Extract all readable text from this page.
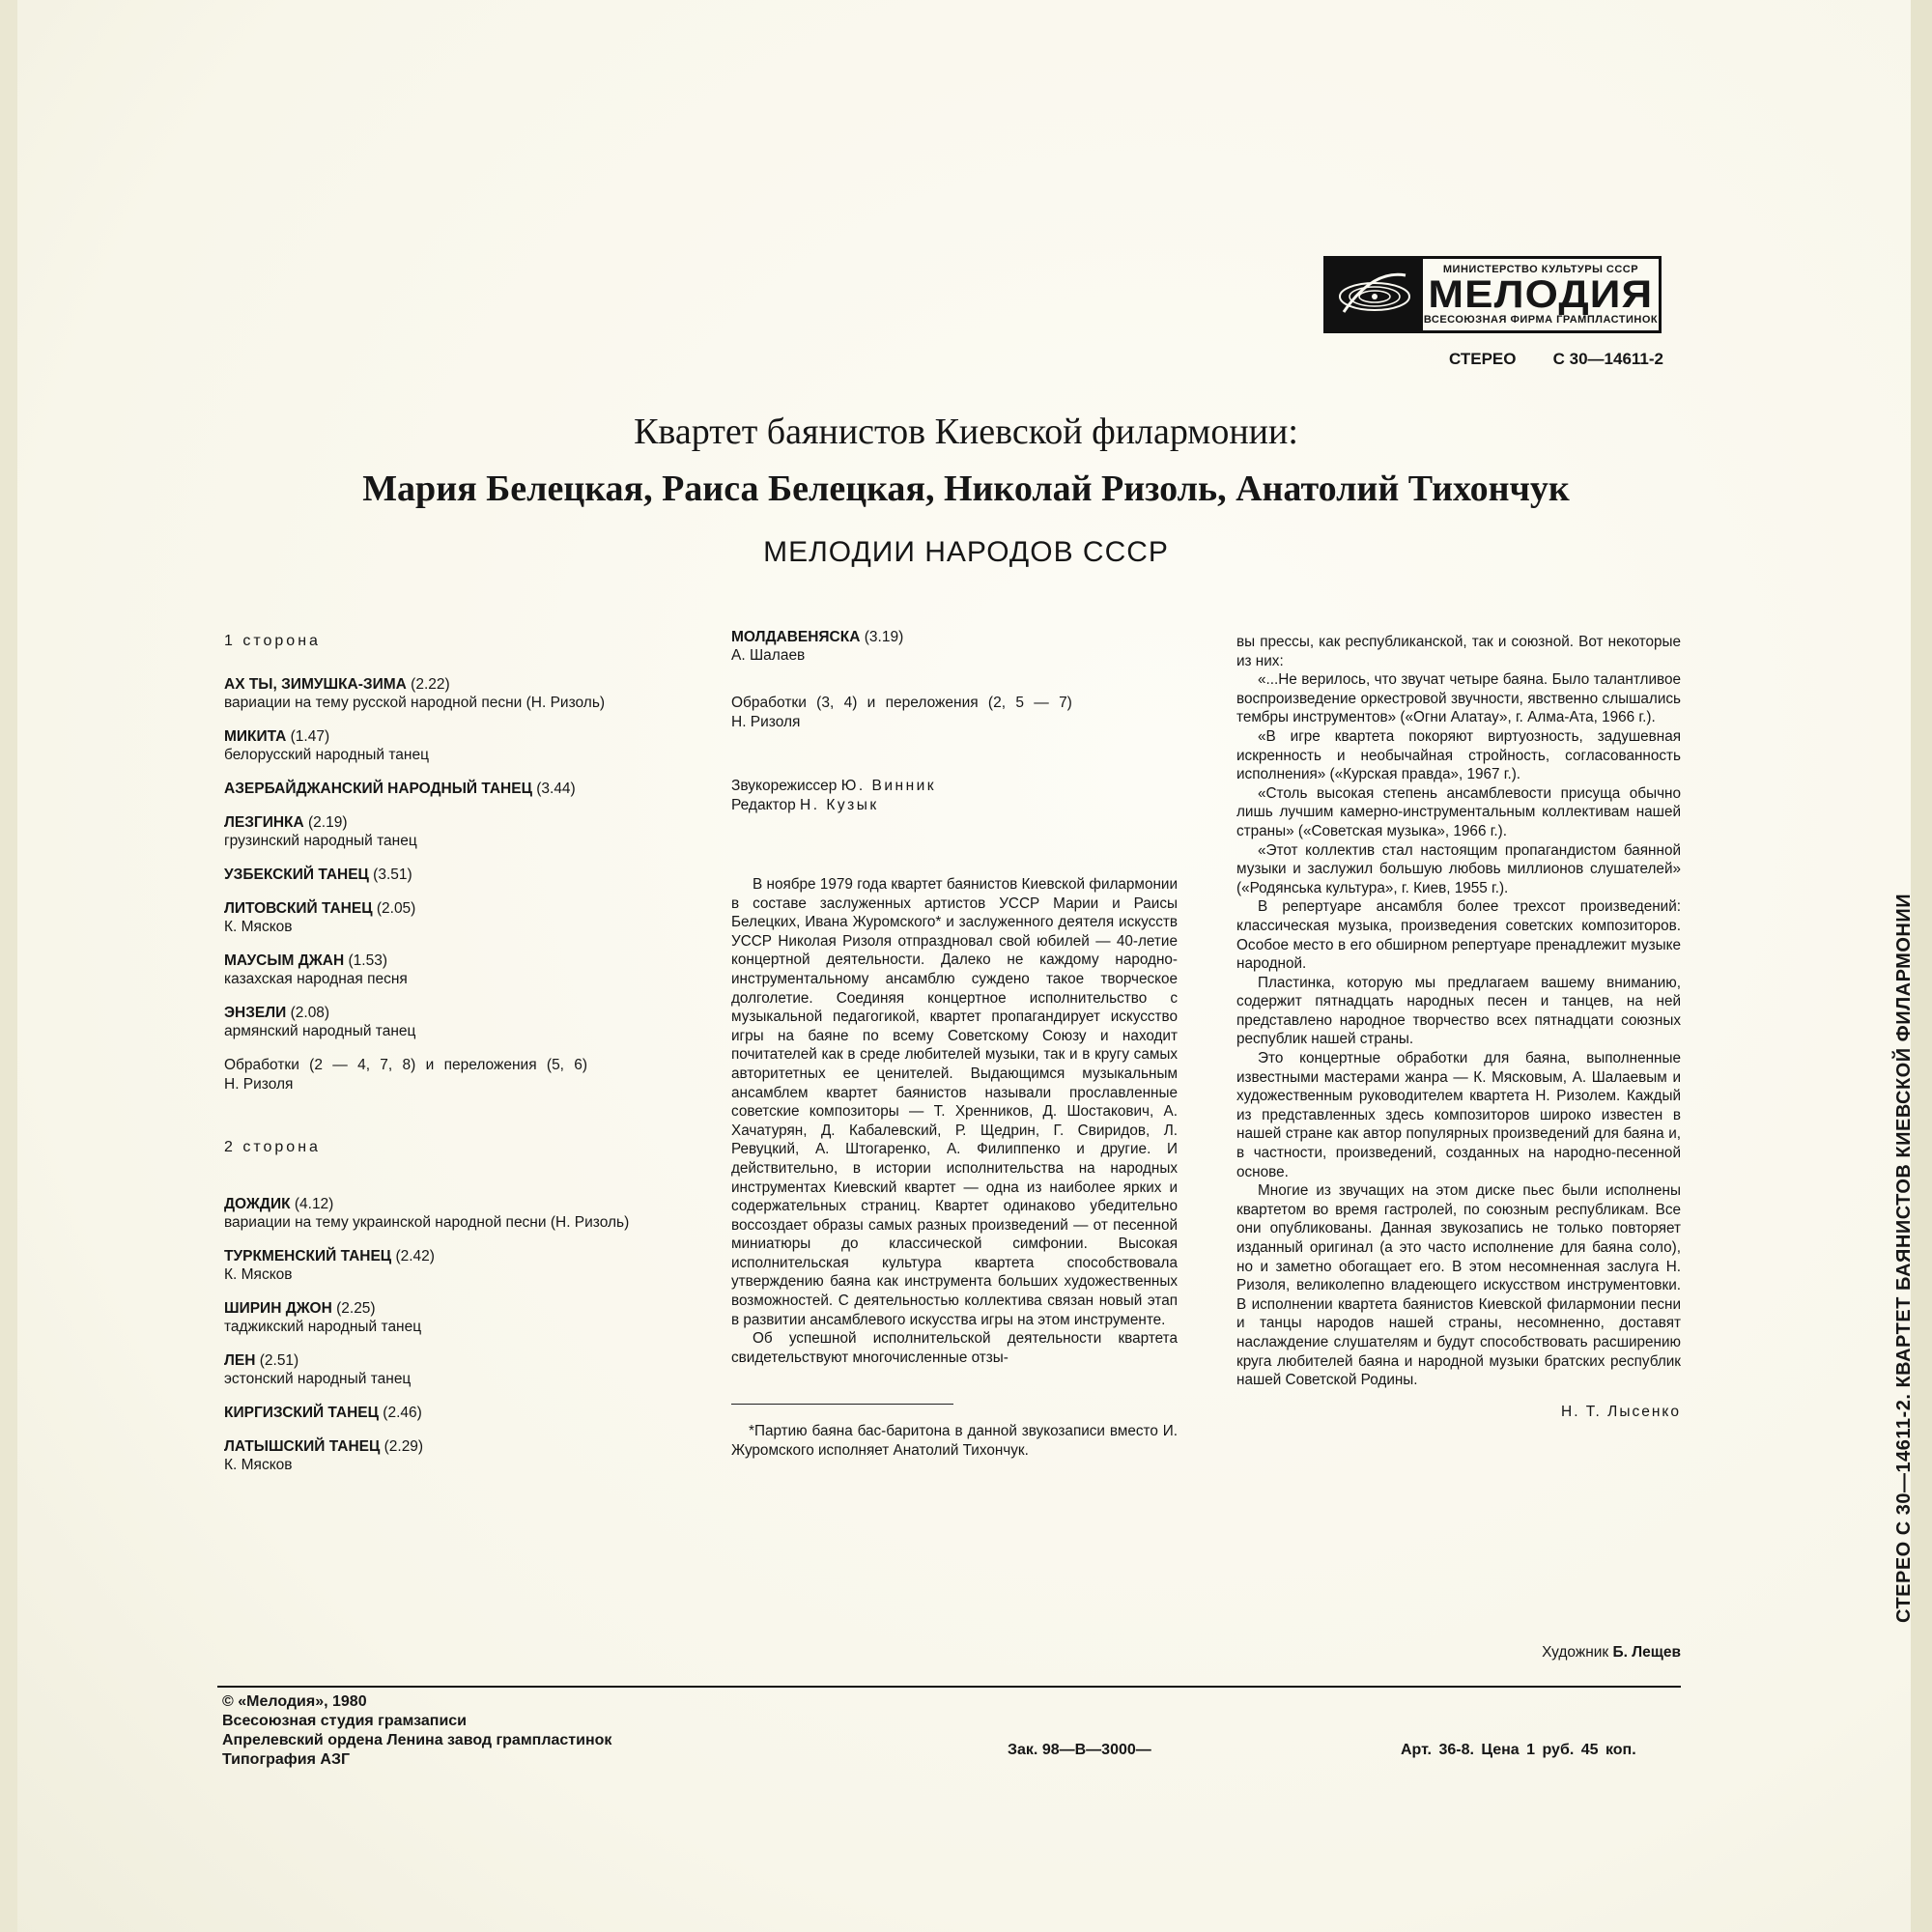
МИНИСТЕРСТВО КУЛЬТУРЫ СССР
МЕЛОДИЯ
ВСЕСОЮЗНАЯ ФИРМА ГРАМПЛАСТИНОК
СТЕРЕО С 30—14611-2
Квартет баянистов Киевской филармонии:
Мария Белецкая, Раиса Белецкая, Николай Ризоль, Анатолий Тихончук
МЕЛОДИИ НАРОДОВ СССР
1 сторона
АХ ТЫ, ЗИМУШКА-ЗИМА (2.22)
вариации на тему русской народной песни (Н. Ризоль)
МИКИТА (1.47)
белорусский народный танец
АЗЕРБАЙДЖАНСКИЙ НАРОДНЫЙ ТАНЕЦ (3.44)
ЛЕЗГИНКА (2.19)
грузинский народный танец
УЗБЕКСКИЙ ТАНЕЦ (3.51)
ЛИТОВСКИЙ ТАНЕЦ (2.05)
К. Мясков
МАУСЫМ ДЖАН (1.53)
казахская народная песня
ЭНЗЕЛИ (2.08)
армянский народный танец
Обработки (2 — 4, 7, 8) и переложения (5, 6)
Н. Ризоля
2 сторона
ДОЖДИК (4.12)
вариации на тему украинской народной песни (Н. Ризоль)
ТУРКМЕНСКИЙ ТАНЕЦ (2.42)
К. Мясков
ШИРИН ДЖОН (2.25)
таджикский народный танец
ЛЕН (2.51)
эстонский народный танец
КИРГИЗСКИЙ ТАНЕЦ (2.46)
ЛАТЫШСКИЙ ТАНЕЦ (2.29)
К. Мясков
МОЛДАВЕНЯСКА (3.19)
А. Шалаев
Обработки (3, 4) и переложения (2, 5 — 7)
Н. Ризоля
Звукорежиссер Ю. Винник
Редактор Н. Кузык

В ноябре 1979 года квартет баянистов Киевской филармонии в составе заслуженных артистов УССР Марии и Раисы Белецких, Ивана Журомского* и заслуженного деятеля искусств УССР Николая Ризоля отпраздновал свой юбилей — 40-летие концертной деятельности. Далеко не каждому народно-инструментальному ансамблю суждено такое творческое долголетие. Соединяя концертное исполнительство с музыкальной педагогикой, квартет пропагандирует искусство игры на баяне по всему Советскому Союзу и находит почитателей как в среде любителей музыки, так и в кругу самых авторитетных ее ценителей. Выдающимся музыкальным ансамблем квартет баянистов называли прославленные советские композиторы — Т. Хренников, Д. Шостакович, А. Хачатурян, Д. Кабалевский, Р. Щедрин, Г. Свиридов, Л. Ревуцкий, А. Штогаренко, А. Филиппенко и другие. И действительно, в истории исполнительства на народных инструментах Киевский квартет — одна из наиболее ярких и содержательных страниц. Квартет одинаково убедительно воссоздает образы самых разных произведений — от песенной миниатюры до классической симфонии. Высокая исполнительская культура квартета способствовала утверждению баяна как инструмента больших художественных возможностей. С деятельностью коллектива связан новый этап в развитии ансамблевого искусства игры на этом инструменте.

Об успешной исполнительской деятельности квартета свидетельствуют многочисленные отзы-

*Партию баяна бас-баритона в данной звукозаписи вместо И. Журомского исполняет Анатолий Тихончук.

вы прессы, как республиканской, так и союзной. Вот некоторые из них:

«...Не верилось, что звучат четыре баяна. Было талантливое воспроизведение оркестровой звучности, явственно слышались тембры инструментов» («Огни Алатау», г. Алма-Ата, 1966 г.).

«В игре квартета покоряют виртуозность, задушевная искренность и необычайная стройность, согласованность исполнения» («Курская правда», 1967 г.).

«Столь высокая степень ансамблевости присуща обычно лишь лучшим камерно-инструментальным коллективам нашей страны» («Советская музыка», 1966 г.).

«Этот коллектив стал настоящим пропагандистом баянной музыки и заслужил большую любовь миллионов слушателей» («Родянська культура», г. Киев, 1955 г.).

В репертуаре ансамбля более трехсот произведений: классическая музыка, произведения советских композиторов. Особое место в его обширном репертуаре пренадлежит музыке народной.

Пластинка, которую мы предлагаем вашему вниманию, содержит пятнадцать народных песен и танцев, на ней представлено народное творчество всех пятнадцати союзных республик нашей страны.

Это концертные обработки для баяна, выполненные известными мастерами жанра — К. Мясковым, А. Шалаевым и художественным руководителем квартета Н. Ризолем. Каждый из представленных здесь композиторов широко известен в нашей стране как автор популярных произведений для баяна и, в частности, произведений, созданных на народно-песенной основе.

Многие из звучащих на этом диске пьес были исполнены квартетом во время гастролей, по союзным республикам. Все они опубликованы. Данная звукозапись не только повторяет изданный оригинал (а это часто исполнение для баяна соло), но и заметно обогащает его. В этом несомненная заслуга Н. Ризоля, великолепно владеющего искусством инструментовки. В исполнении квартета баянистов Киевской филармонии песни и танцы народов нашей страны, несомненно, доставят наслаждение слушателям и будут способствовать расширению круга любителей баяна и народной музыки братских республик нашей Советской Родины.

Н. Т. Лысенко
Художник Б. Лещев
© «Мелодия», 1980
Всесоюзная студия грамзаписи
Апрелевский ордена Ленина завод грампластинок
Типография АЗГ
Зак. 98—В—3000—	Арт. 36-8. Цена 1 руб. 45 коп.
СТЕРЕО С 30—14611-2. КВАРТЕТ БАЯНИСТОВ КИЕВСКОЙ ФИЛАРМОНИИ
